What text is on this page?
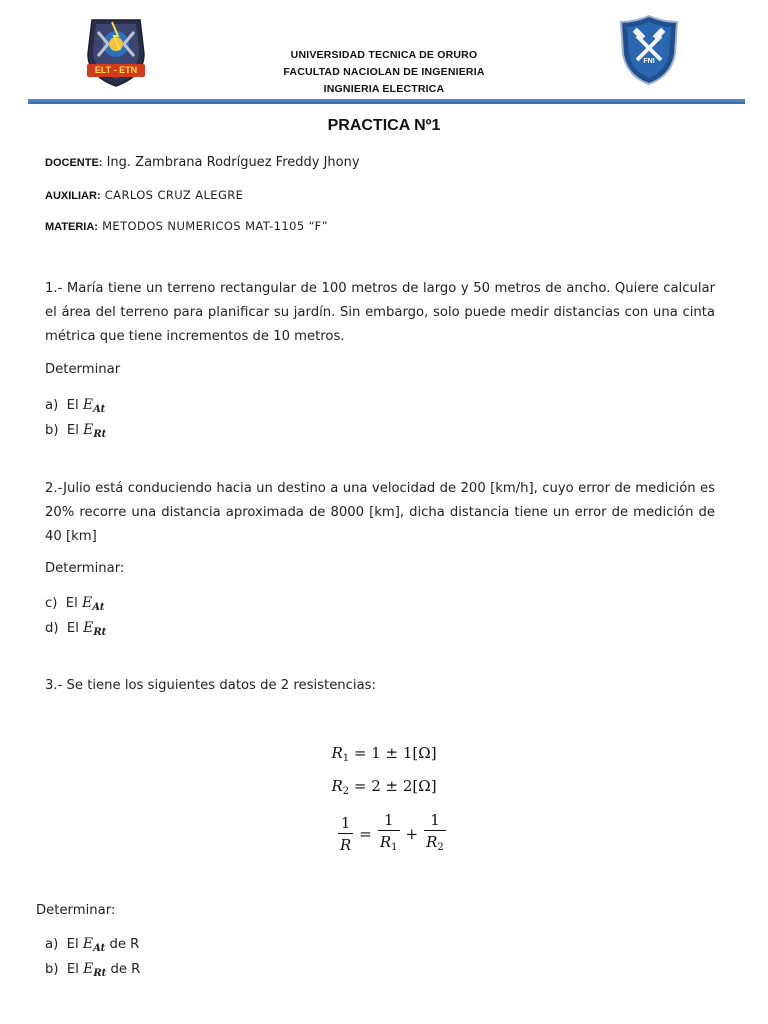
ELT - ETN
UNIVERSIDAD TECNICA DE ORURO
FACULTAD NACIOLAN DE INGENIERIA
INGNIERIA ELECTRICA
FNI
PRACTICA Nº1
DOCENTE: Ing. Zambrana Rodríguez Freddy Jhony
AUXILIAR: CARLOS CRUZ ALEGRE
MATERIA: METODOS NUMERICOS MAT-1105 “F”
1.- María tiene un terreno rectangular de 100 metros de largo y 50 metros de ancho. Quiere calcular el área del terreno para planificar su jardín. Sin embargo, solo puede medir distancias con una cinta métrica que tiene incrementos de 10 metros.
Determinar
a) El $E_{At}$
b) El $E_{Rt}$
2.-Julio está conduciendo hacia un destino a una velocidad de 200 [km/h], cuyo error de medición es 20% recorre una distancia aproximada de 8000 [km], dicha distancia tiene un error de medición de 40 [km]
Determinar:
c) El $E_{At}$
d) El $E_{Rt}$
3.- Se tiene los siguientes datos de 2 resistencias:
$R_1 = 1 \pm 1[\Omega]$
$R_2 = 2 \pm 2[\Omega]$
$\frac{1}{R} = \frac{1}{R_1} + \frac{1}{R_2}$
Determinar:
a) El $E_{At}$ de R
b) El $E_{Rt}$ de R
